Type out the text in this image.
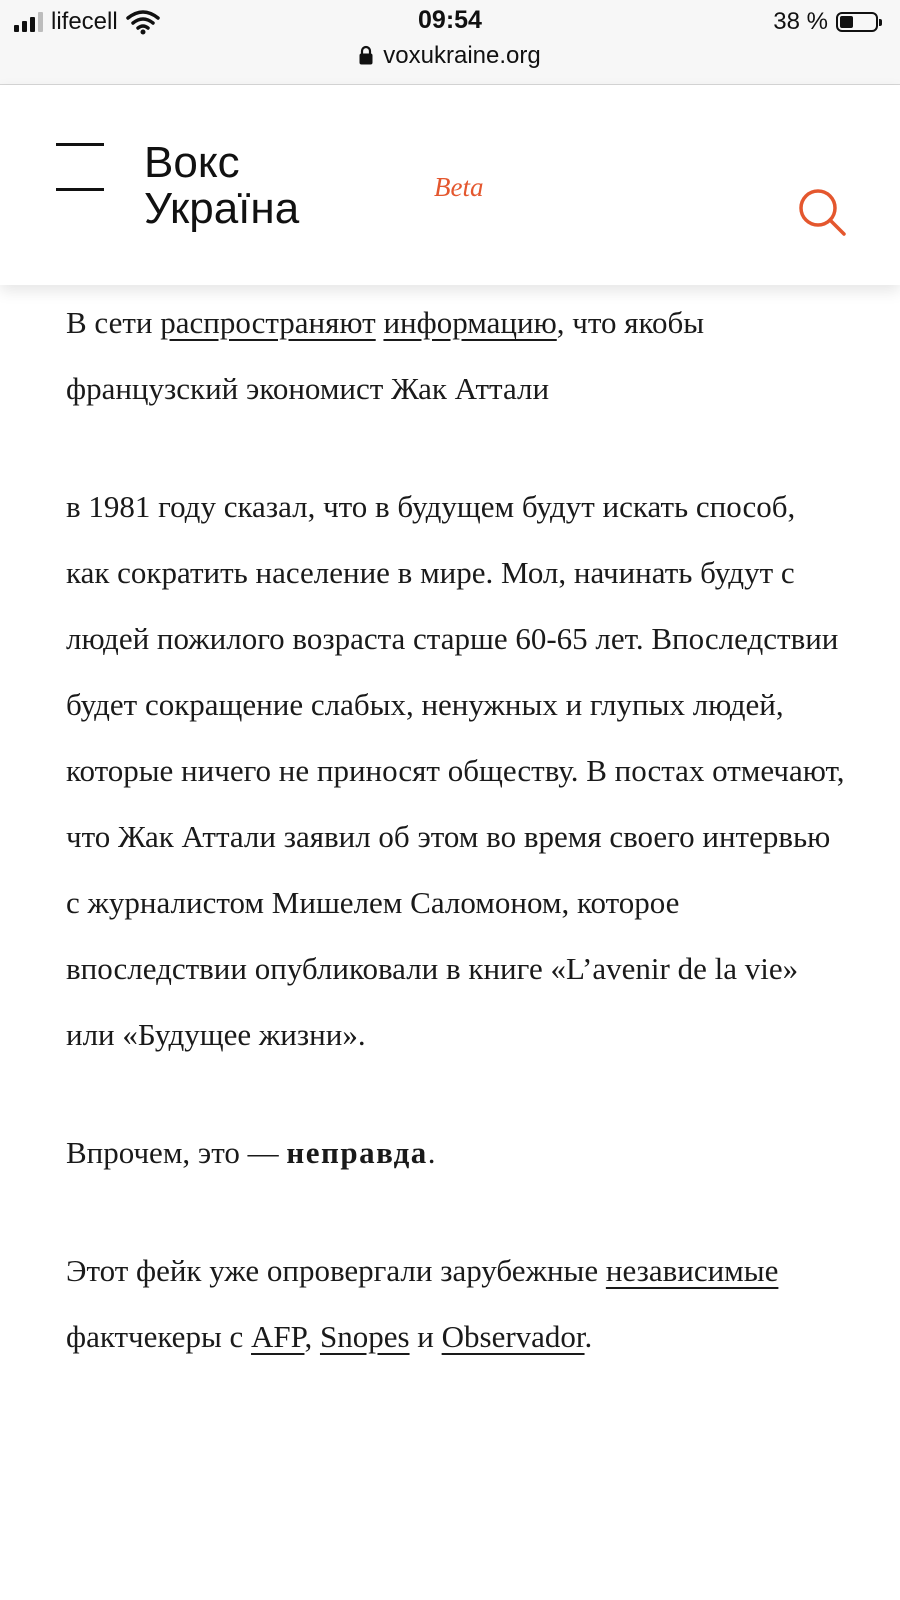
lifecell	09:54	38 %
voxukraine.org
Вокс
Україна	Beta

В сети распространяют информацию, что якобы французский экономист Жак Аттали

в 1981 году сказал, что в будущем будут искать способ, как сократить население в мире. Мол, начинать будут с людей пожилого возраста старше 60-65 лет. Впоследствии будет сокращение слабых, ненужных и глупых людей, которые ничего не приносят обществу. В постах отмечают, что Жак Аттали заявил об этом во время своего интервью с журналистом Мишелем Саломоном, которое впоследствии опубликовали в книге «L’avenir de la vie» или «Будущее жизни».

Впрочем, это — неправда.

Этот фейк уже опровергали зарубежные независимые фактчекеры с AFP, Snopes и Observador.
